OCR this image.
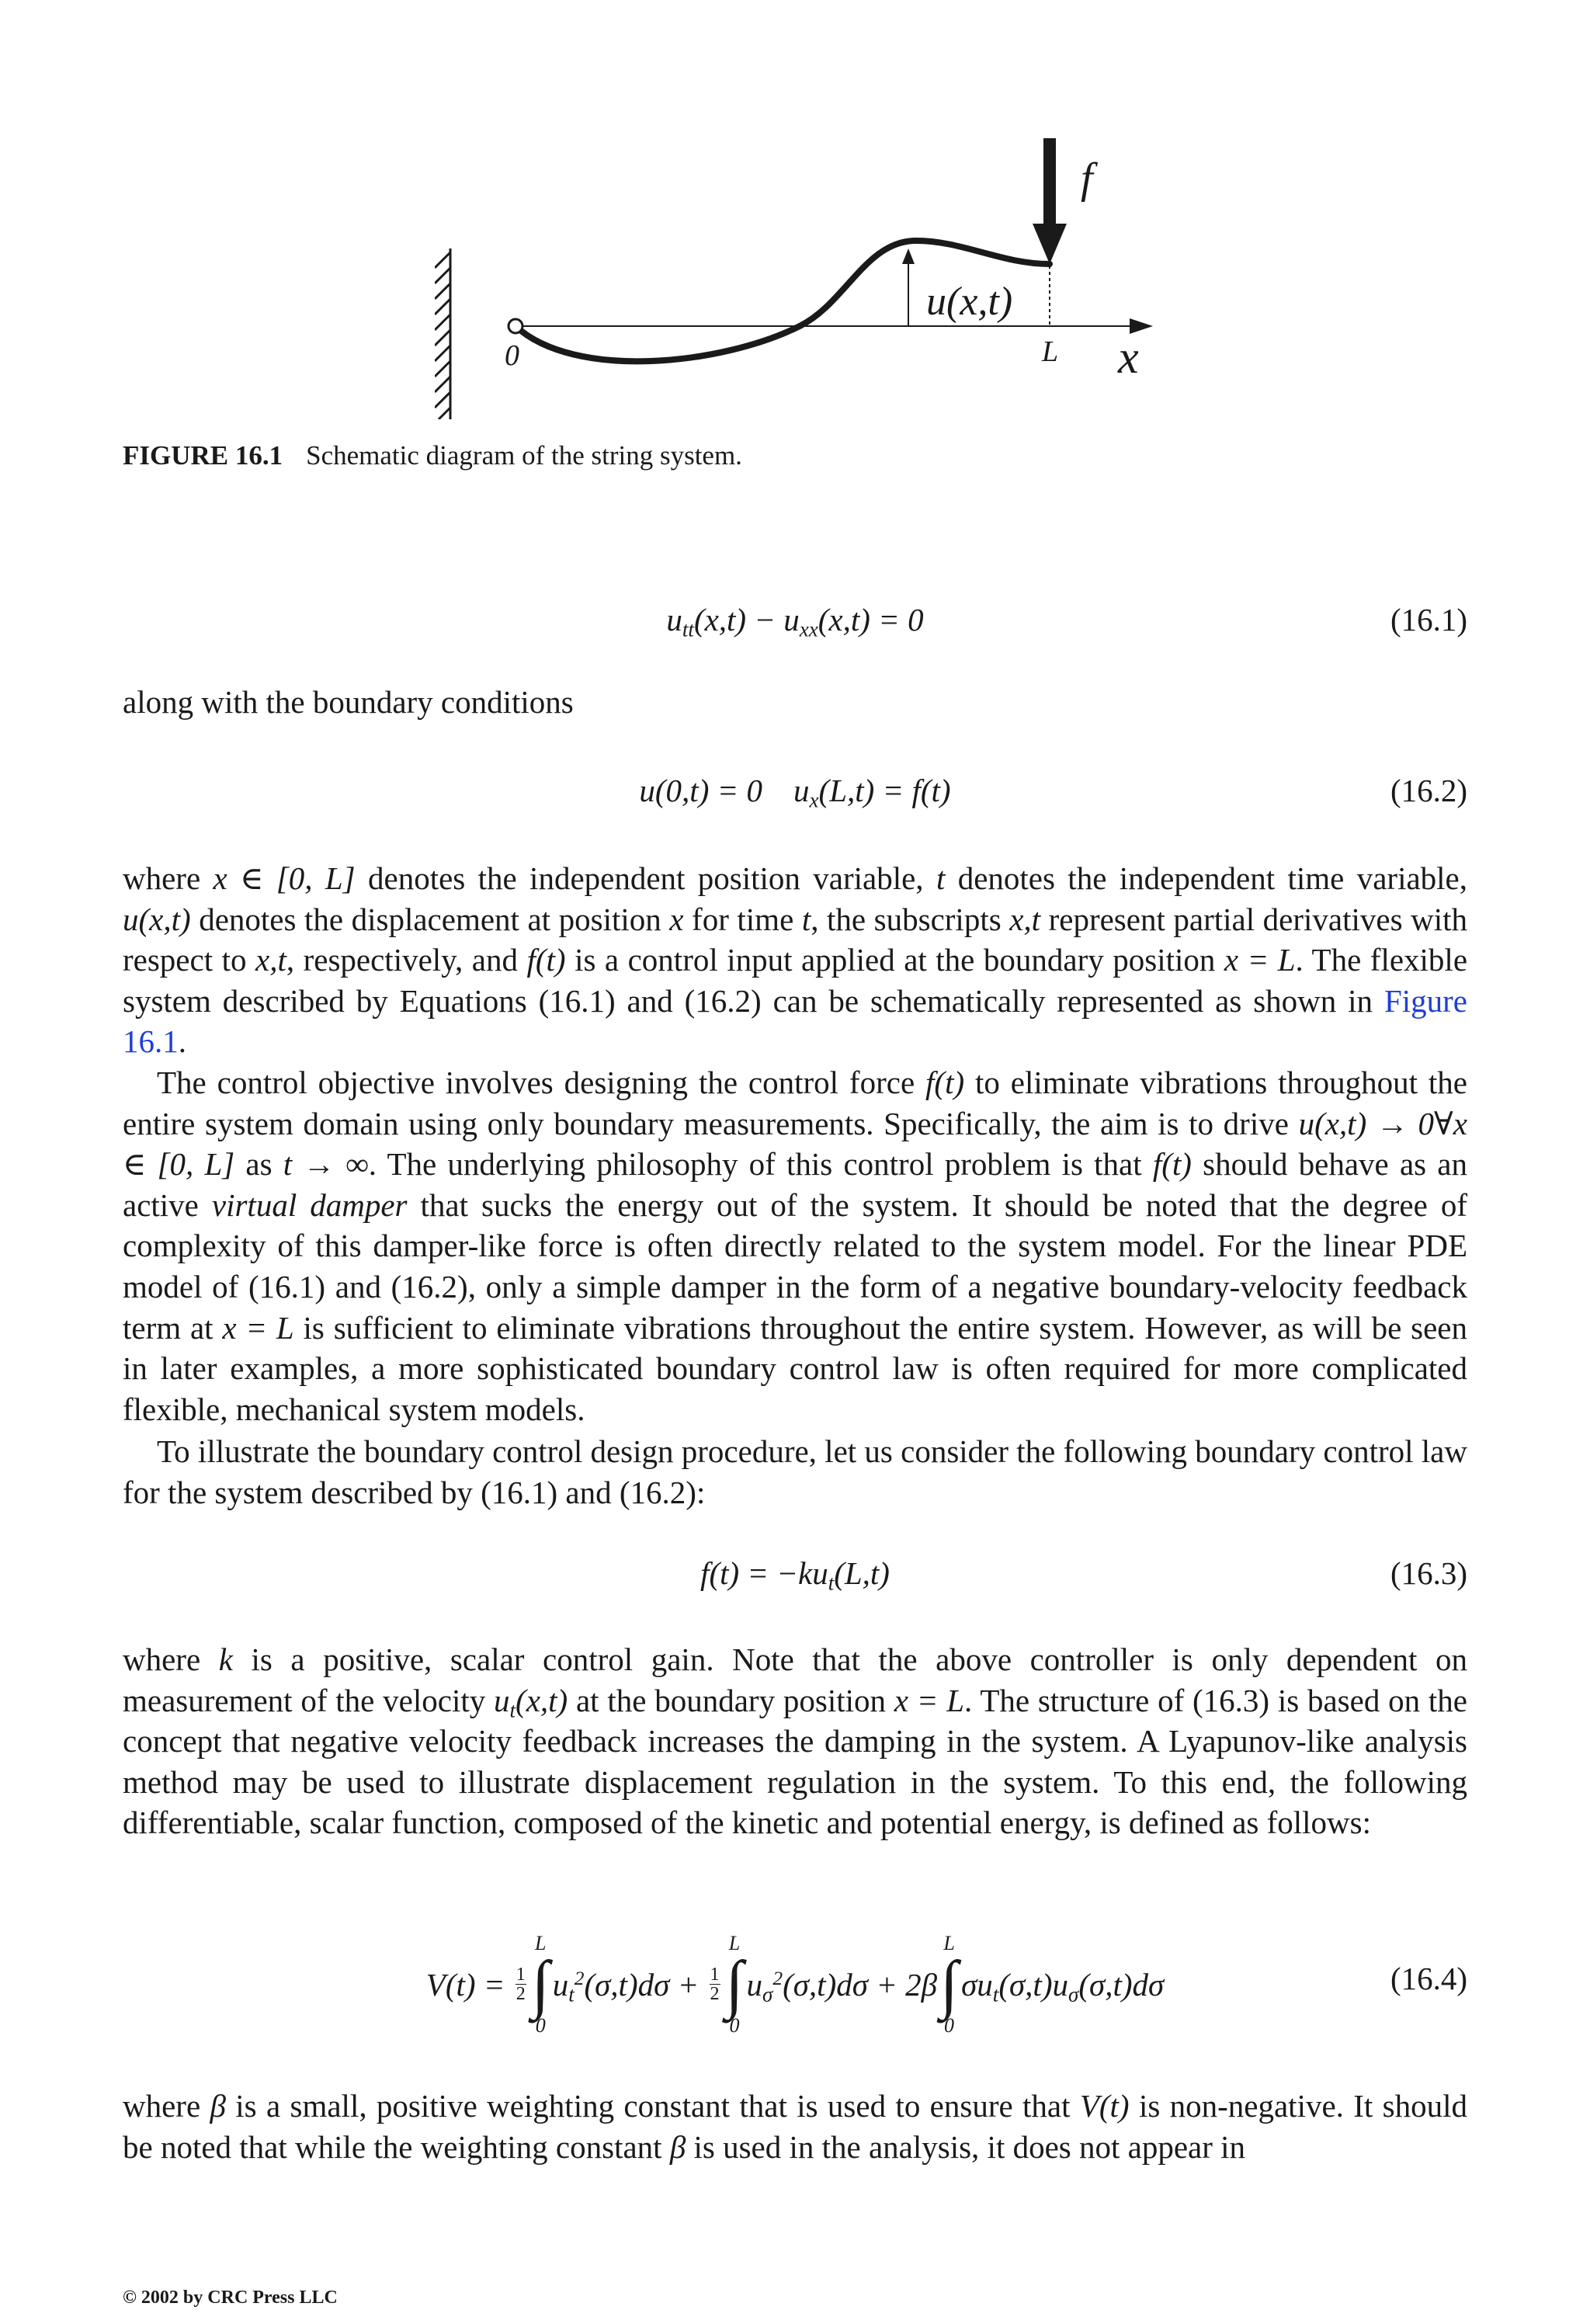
f
u(x,t)
0	L x
FIGURE 16.1 Schematic diagram of the string system.
$u_{tt}(x,t) - u_{xx}(x,t) = 0$	(16.1)

along with the boundary conditions

u(0,t) = 0 $u_x(L,t) = f(t)$	(16.2)

where x ∈ [0, L] denotes the independent position variable, t denotes the independent time variable, u(x,t) denotes the displacement at position x for time t, the subscripts x,t represent partial derivatives with respect to x,t, respectively, and f(t) is a control input applied at the boundary position x = L. The flexible system described by Equations (16.1) and (16.2) can be schematically represented as shown in Figure 16.1.

The control objective involves designing the control force f(t) to eliminate vibrations throughout the entire system domain using only boundary measurements. Specifically, the aim is to drive u(x,t) → 0∀x ∈ [0, L] as t → ∞. The underlying philosophy of this control problem is that f(t) should behave as an active virtual damper that sucks the energy out of the system. It should be noted that the degree of complexity of this damper-like force is often directly related to the system model. For the linear PDE model of (16.1) and (16.2), only a simple damper in the form of a negative boundary-velocity feedback term at x = L is sufficient to eliminate vibrations throughout the entire system. However, as will be seen in later examples, a more sophisticated boundary control law is often required for more complicated flexible, mechanical system models.

To illustrate the boundary control design procedure, let us consider the following boundary control law for the system described by (16.1) and (16.2):

$f(t) = -ku_t(L,t)$	(16.3)

where k is a positive, scalar control gain. Note that the above controller is only dependent on measurement of the velocity $u_t(x,t)$ at the boundary position x = L. The structure of (16.3) is based on the concept that negative velocity feedback increases the damping in the system. A Lyapunov-like analysis method may be used to illustrate displacement regulation in the system. To this end, the following differentiable, scalar function, composed of the kinetic and potential energy, is defined as follows:

$V(t) = \frac{1}{2}$
L
∫
0
$u_t^2(\sigma,t)d\sigma + \frac{1}{2}$
L
∫
0
$u_\sigma^2(\sigma,t)d\sigma + 2\beta$
L
∫
0
$\sigma u_t(\sigma,t)u_\sigma(\sigma,t)d\sigma$	(16.4)

where β is a small, positive weighting constant that is used to ensure that V(t) is non-negative. It should be noted that while the weighting constant β is used in the analysis, it does not appear in

© 2002 by CRC Press LLC
